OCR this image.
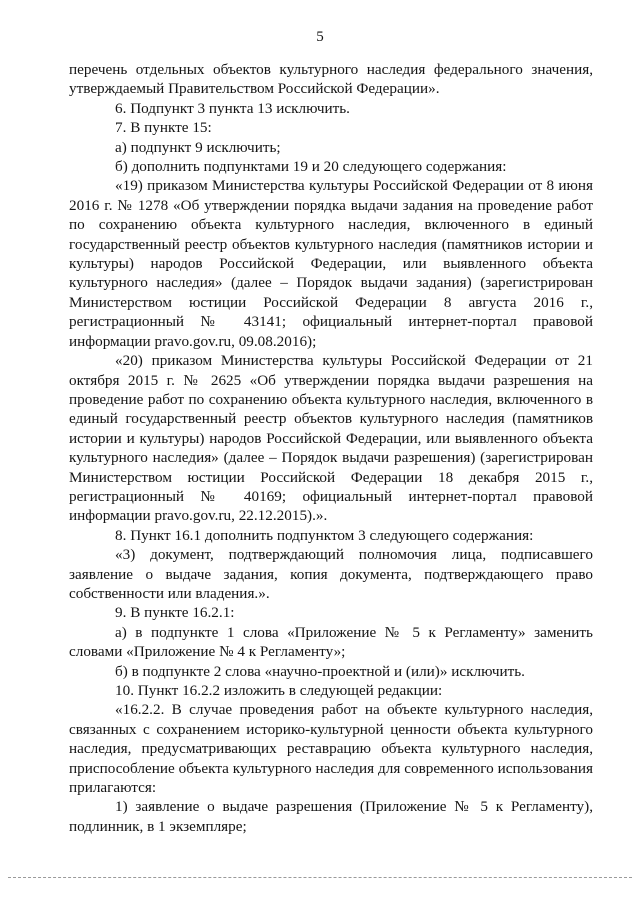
5

перечень отдельных объектов культурного наследия федерального значения, утверждаемый Правительством Российской Федерации».

6. Подпункт 3 пункта 13 исключить.

7. В пункте 15:

а) подпункт 9 исключить;

б) дополнить подпунктами 19 и 20 следующего содержания:

«19) приказом Министерства культуры Российской Федерации от 8 июня 2016 г. № 1278 «Об утверждении порядка выдачи задания на проведение работ по сохранению объекта культурного наследия, включенного в единый государственный реестр объектов культурного наследия (памятников истории и культуры) народов Российской Федерации, или выявленного объекта культурного наследия» (далее – Порядок выдачи задания) (зарегистрирован Министерством юстиции Российской Федерации 8 августа 2016 г., регистрационный № 43141; официальный интернет-портал правовой информации pravo.gov.ru, 09.08.2016);

«20) приказом Министерства культуры Российской Федерации от 21 октября 2015 г. № 2625 «Об утверждении порядка выдачи разрешения на проведение работ по сохранению объекта культурного наследия, включенного в единый государственный реестр объектов культурного наследия (памятников истории и культуры) народов Российской Федерации, или выявленного объекта культурного наследия» (далее – Порядок выдачи разрешения) (зарегистрирован Министерством юстиции Российской Федерации 18 декабря 2015 г., регистрационный № 40169; официальный интернет-портал правовой информации pravo.gov.ru, 22.12.2015).».

8. Пункт 16.1 дополнить подпунктом 3 следующего содержания:

«3) документ, подтверждающий полномочия лица, подписавшего заявление о выдаче задания, копия документа, подтверждающего право собственности или владения.».

9. В пункте 16.2.1:

а) в подпункте 1 слова «Приложение № 5 к Регламенту» заменить словами «Приложение № 4 к Регламенту»;

б) в подпункте 2 слова «научно-проектной и (или)» исключить.

10. Пункт 16.2.2 изложить в следующей редакции:

«16.2.2. В случае проведения работ на объекте культурного наследия, связанных с сохранением историко-культурной ценности объекта культурного наследия, предусматривающих реставрацию объекта культурного наследия, приспособление объекта культурного наследия для современного использования прилагаются:

1) заявление о выдаче разрешения (Приложение № 5 к Регламенту), подлинник, в 1 экземпляре;
